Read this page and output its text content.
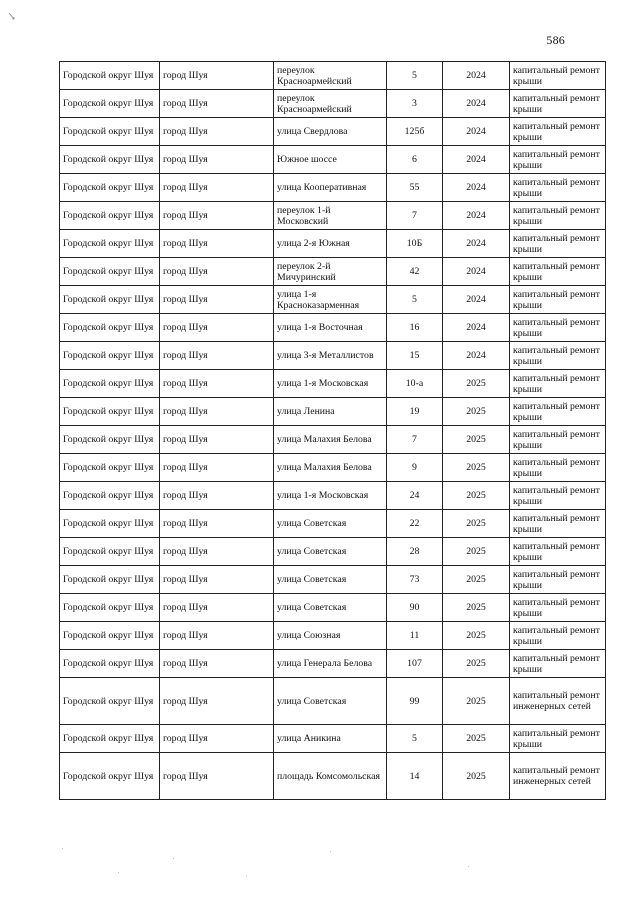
586
Городской округ Шуя	город Шуя	переулок Красноармейский	5	2024	капитальный ремонт крыши
Городской округ Шуя	город Шуя	переулок Красноармейский	3	2024	капитальный ремонт крыши
Городской округ Шуя	город Шуя	улица Свердлова	125б	2024	капитальный ремонт крыши
Городской округ Шуя	город Шуя	Южное шоссе	6	2024	капитальный ремонт крыши
Городской округ Шуя	город Шуя	улица Кооперативная	55	2024	капитальный ремонт крыши
Городской округ Шуя	город Шуя	переулок 1-й Московский	7	2024	капитальный ремонт крыши
Городской округ Шуя	город Шуя	улица 2-я Южная	10Б	2024	капитальный ремонт крыши
Городской округ Шуя	город Шуя	переулок 2-й Мичуринский	42	2024	капитальный ремонт крыши
Городской округ Шуя	город Шуя	улица 1-я Красноказарменная	5	2024	капитальный ремонт крыши
Городской округ Шуя	город Шуя	улица 1-я Восточная	16	2024	капитальный ремонт крыши
Городской округ Шуя	город Шуя	улица 3-я Металлистов	15	2024	капитальный ремонт крыши
Городской округ Шуя	город Шуя	улица 1-я Московская	10-а	2025	капитальный ремонт крыши
Городской округ Шуя	город Шуя	улица Ленина	19	2025	капитальный ремонт крыши
Городской округ Шуя	город Шуя	улица Малахия Белова	7	2025	капитальный ремонт крыши
Городской округ Шуя	город Шуя	улица Малахия Белова	9	2025	капитальный ремонт крыши
Городской округ Шуя	город Шуя	улица 1-я Московская	24	2025	капитальный ремонт крыши
Городской округ Шуя	город Шуя	улица Советская	22	2025	капитальный ремонт крыши
Городской округ Шуя	город Шуя	улица Советская	28	2025	капитальный ремонт крыши
Городской округ Шуя	город Шуя	улица Советская	73	2025	капитальный ремонт крыши
Городской округ Шуя	город Шуя	улица Советская	90	2025	капитальный ремонт крыши
Городской округ Шуя	город Шуя	улица Союзная	11	2025	капитальный ремонт крыши
Городской округ Шуя	город Шуя	улица Генерала Белова	107	2025	капитальный ремонт крыши
Городской округ Шуя	город Шуя	улица Советская	99	2025	капитальный ремонт инженерных сетей
Городской округ Шуя	город Шуя	улица Аникина	5	2025	капитальный ремонт крыши
Городской округ Шуя	город Шуя	площадь Комсомольская	14	2025	капитальный ремонт инженерных сетей
